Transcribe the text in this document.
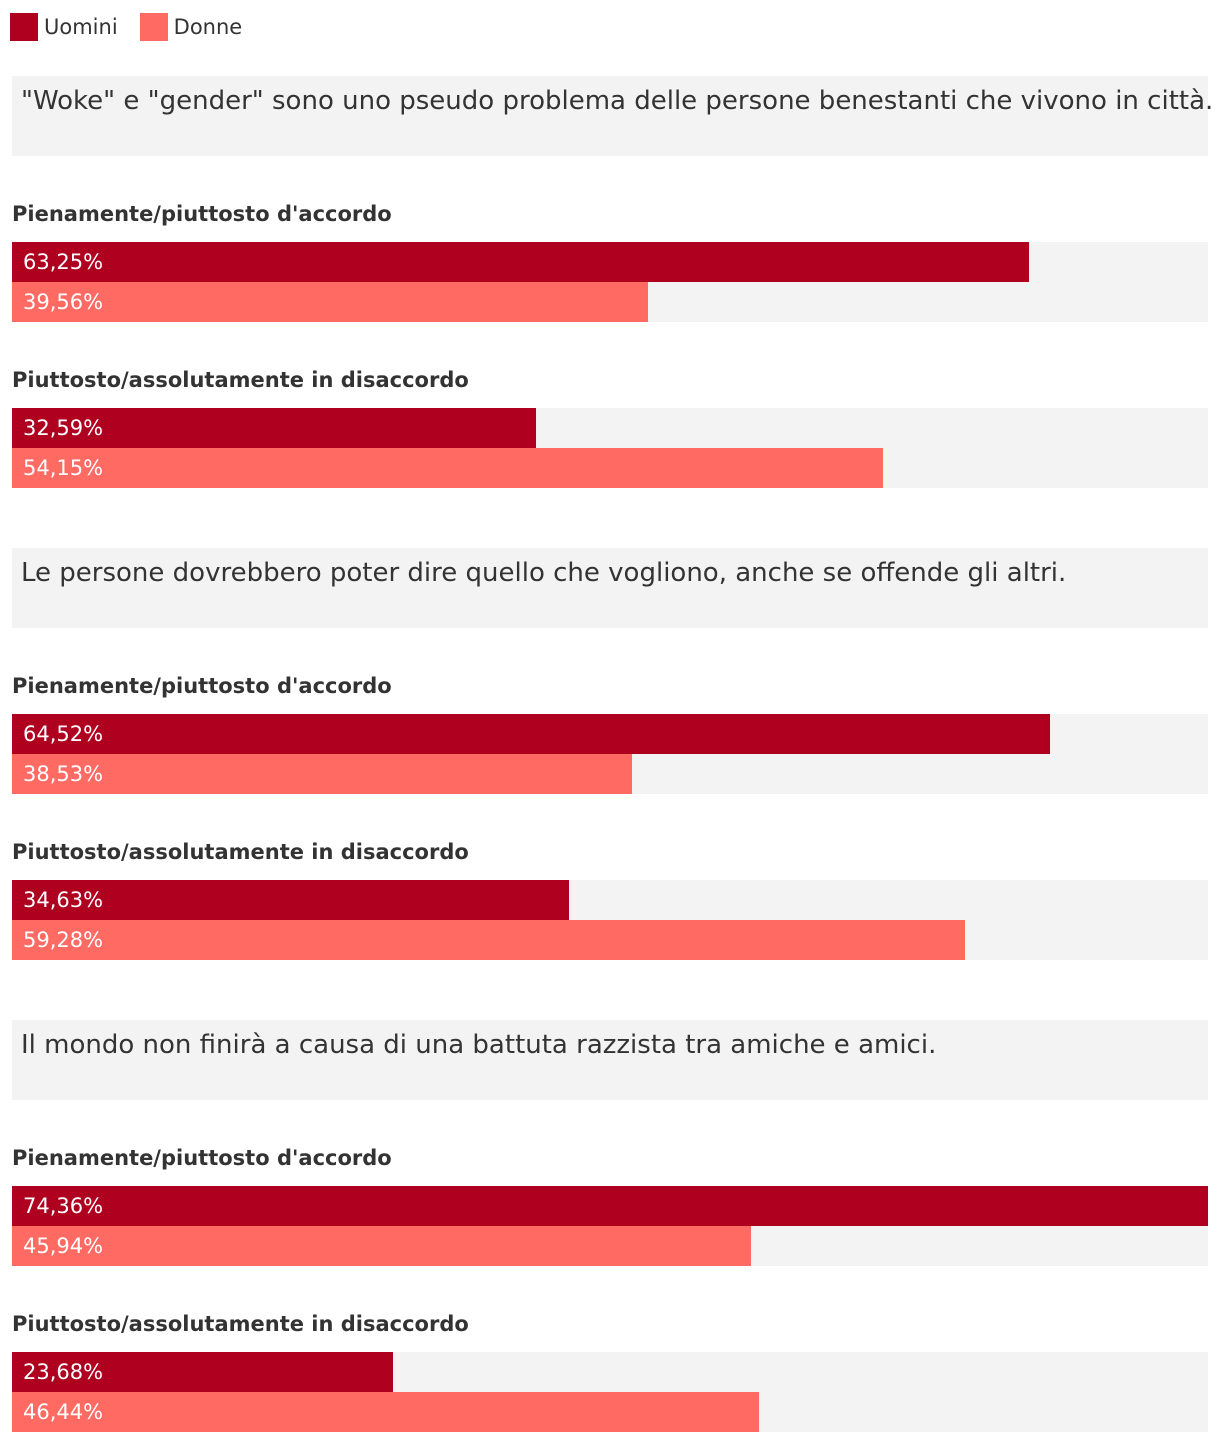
Uomini	Donne
"Woke" e "gender" sono uno pseudo problema delle persone benestanti che vivono in città.
Pienamente/piuttosto d'accordo
63,25%
39,56%
Piuttosto/assolutamente in disaccordo
32,59%
54,15%
Le persone dovrebbero poter dire quello che vogliono, anche se offende gli altri.
Pienamente/piuttosto d'accordo
64,52%
38,53%
Piuttosto/assolutamente in disaccordo
34,63%
59,28%
Il mondo non finirà a causa di una battuta razzista tra amiche e amici.
Pienamente/piuttosto d'accordo
74,36%
45,94%
Piuttosto/assolutamente in disaccordo
23,68%
46,44%
